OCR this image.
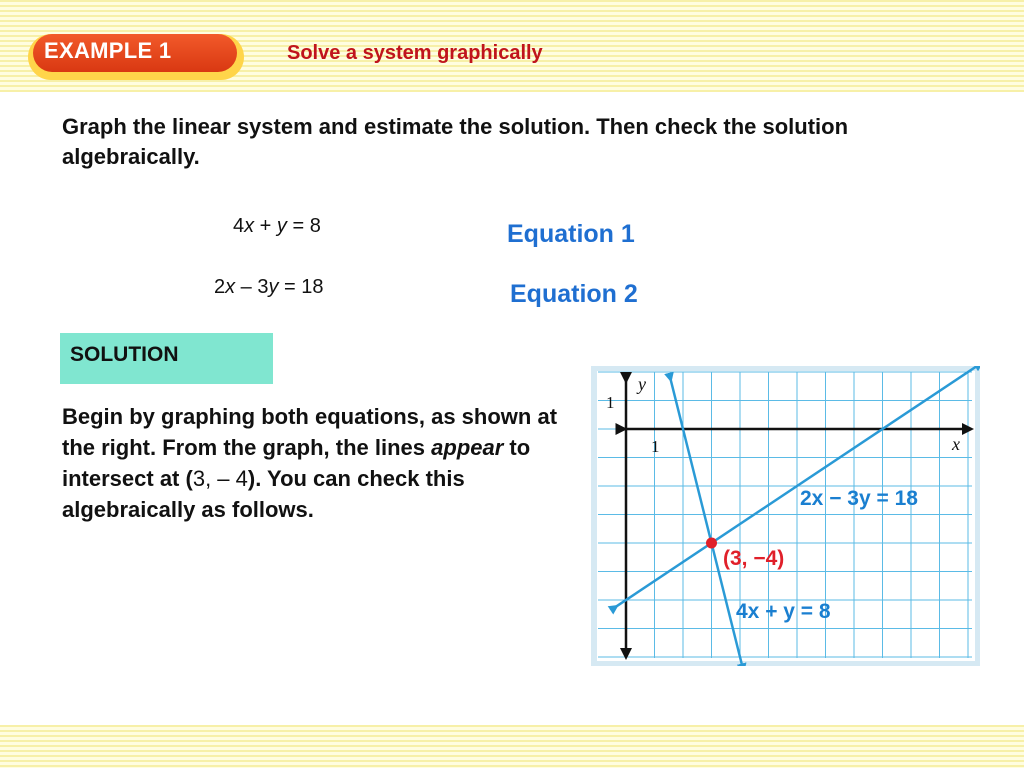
EXAMPLE 1	Solve a system graphically
Graph the linear system and estimate the solution. Then check the solution algebraically.
4x + y = 8
2x – 3y = 18
Equation 1
Equation 2
SOLUTION
Begin by graphing both equations, as shown at the right. From the graph, the lines appear to intersect at (3, – 4). You can check this algebraically as follows.
y
x
1
1
2x − 3y = 18
4x + y = 8
(3, −4)
